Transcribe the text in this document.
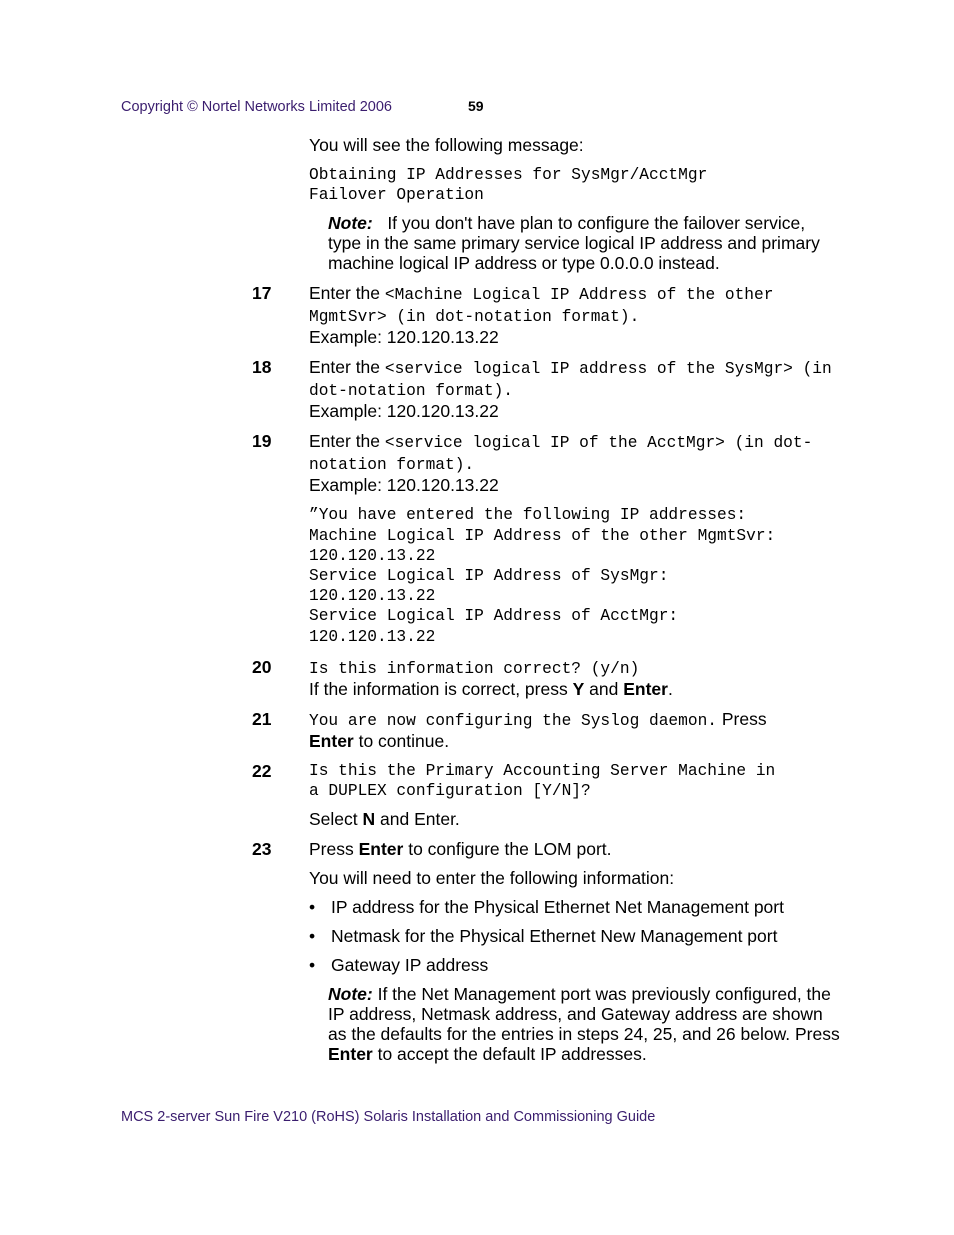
Copyright © Nortel Networks Limited 2006	59
You will see the following message:
Obtaining IP Addresses for SysMgr/AcctMgr
Failover Operation
Note: If you don't have plan to configure the failover service, type in the same primary service logical IP address and primary machine logical IP address or type 0.0.0.0 instead.
17	Enter the <Machine Logical IP Address of the other MgmtSvr> (in dot-notation format).
Example: 120.120.13.22
18	Enter the <service logical IP address of the SysMgr> (in dot-notation format).
Example: 120.120.13.22
19	Enter the <service logical IP of the AcctMgr> (in dot-notation format).
Example: 120.120.13.22
”You have entered the following IP addresses:
Machine Logical IP Address of the other MgmtSvr:
120.120.13.22
Service Logical IP Address of SysMgr:
120.120.13.22
Service Logical IP Address of AcctMgr:
120.120.13.22
20	Is this information correct? (y/n)
If the information is correct, press Y and Enter.
21	You are now configuring the Syslog daemon. Press
Enter to continue.
22	Is this the Primary Accounting Server Machine in
a DUPLEX configuration [Y/N]?
Select N and Enter.
23	Press Enter to configure the LOM port.
You will need to enter the following information:
• IP address for the Physical Ethernet Net Management port
• Netmask for the Physical Ethernet New Management port
• Gateway IP address
Note: If the Net Management port was previously configured, the IP address, Netmask address, and Gateway address are shown as the defaults for the entries in steps 24, 25, and 26 below. Press Enter to accept the default IP addresses.
MCS 2-server Sun Fire V210 (RoHS) Solaris Installation and Commissioning Guide
